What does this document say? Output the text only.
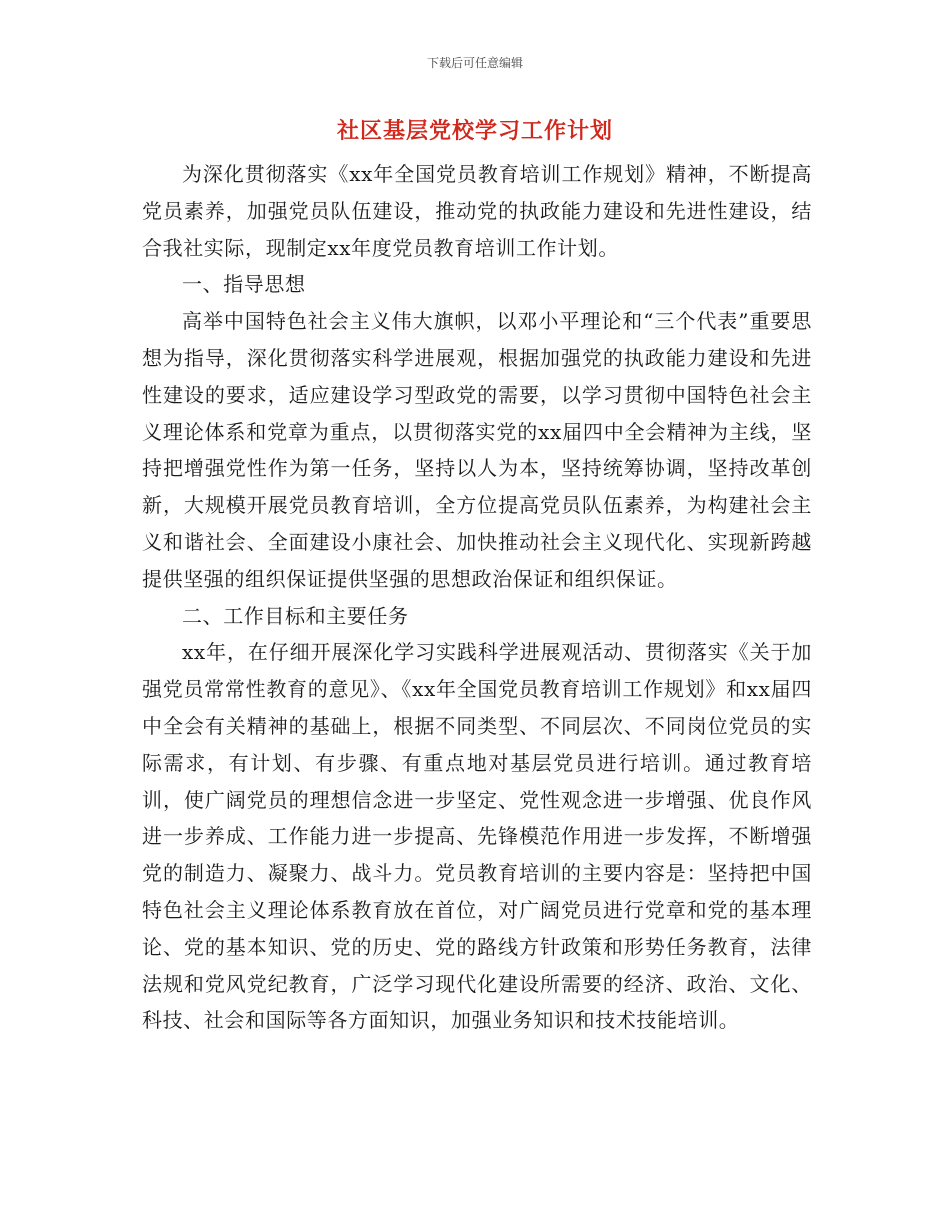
下载后可任意编辑
社区基层党校学习工作计划

为深化贯彻落实《xx年全国党员教育培训工作规划》精神，不断提高党员素养，加强党员队伍建设，推动党的执政能力建设和先进性建设，结合我社实际，现制定xx年度党员教育培训工作计划。

一、指导思想

高举中国特色社会主义伟大旗帜，以邓小平理论和“三个代表”重要思想为指导，深化贯彻落实科学进展观，根据加强党的执政能力建设和先进性建设的要求，适应建设学习型政党的需要，以学习贯彻中国特色社会主义理论体系和党章为重点，以贯彻落实党的xx届四中全会精神为主线，坚持把增强党性作为第一任务，坚持以人为本，坚持统筹协调，坚持改革创新，大规模开展党员教育培训，全方位提高党员队伍素养，为构建社会主义和谐社会、全面建设小康社会、加快推动社会主义现代化、实现新跨越提供坚强的组织保证提供坚强的思想政治保证和组织保证。

二、工作目标和主要任务

xx年，在仔细开展深化学习实践科学进展观活动、贯彻落实《关于加强党员常常性教育的意见》、《xx年全国党员教育培训工作规划》和xx届四中全会有关精神的基础上，根据不同类型、不同层次、不同岗位党员的实际需求，有计划、有步骤、有重点地对基层党员进行培训。通过教育培训，使广阔党员的理想信念进一步坚定、党性观念进一步增强、优良作风进一步养成、工作能力进一步提高、先锋模范作用进一步发挥，不断增强党的制造力、凝聚力、战斗力。党员教育培训的主要内容是：坚持把中国特色社会主义理论体系教育放在首位，对广阔党员进行党章和党的基本理论、党的基本知识、党的历史、党的路线方针政策和形势任务教育，法律法规和党风党纪教育，广泛学习现代化建设所需要的经济、政治、文化、科技、社会和国际等各方面知识，加强业务知识和技术技能培训。
